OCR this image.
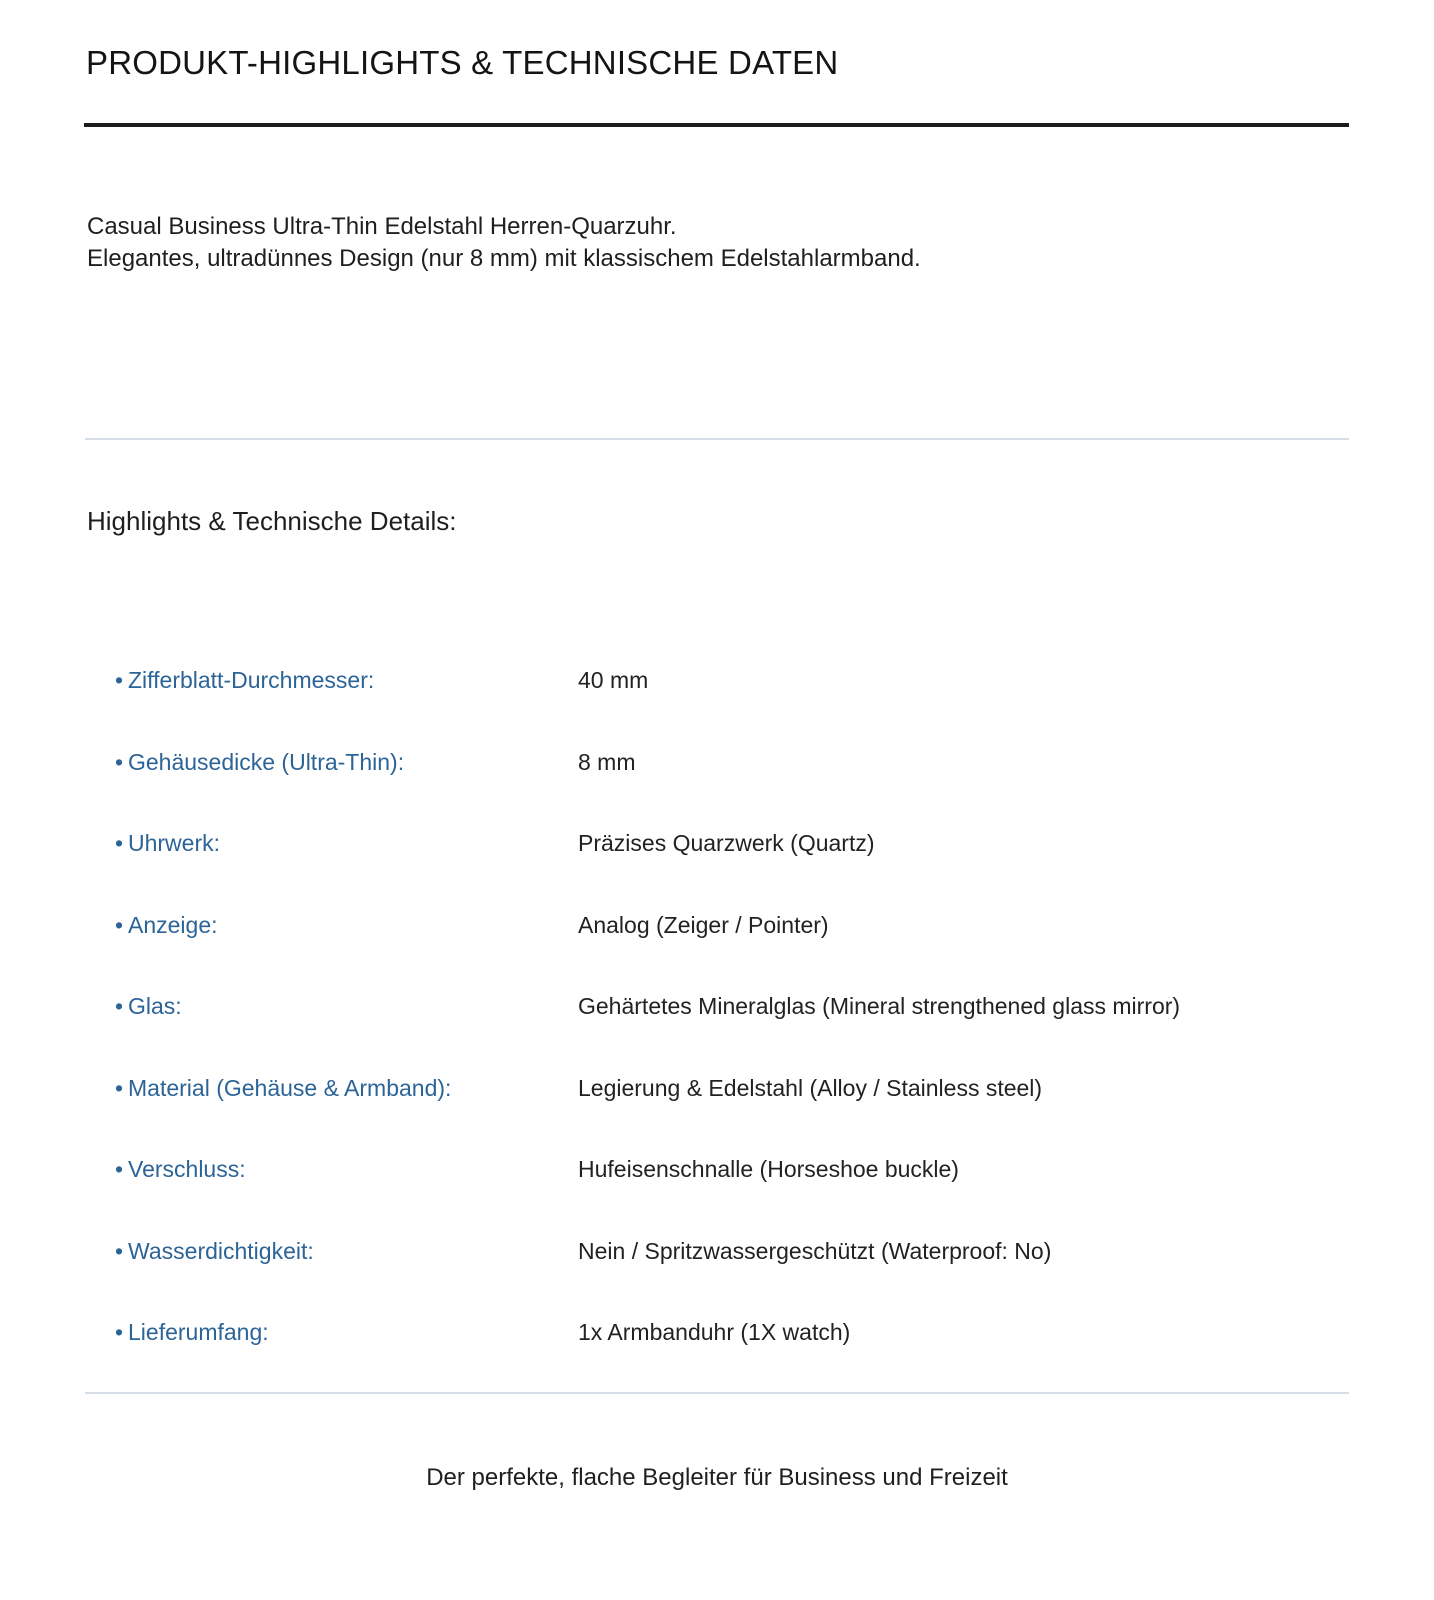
PRODUKT-HIGHLIGHTS & TECHNISCHE DATEN
Casual Business Ultra-Thin Edelstahl Herren-Quarzuhr.
Elegantes, ultradünnes Design (nur 8 mm) mit klassischem Edelstahlarmband.
Highlights & Technische Details:
• Zifferblatt-Durchmesser:	40 mm
• Gehäusedicke (Ultra-Thin):	8 mm
• Uhrwerk:	Präzises Quarzwerk (Quartz)
• Anzeige:	Analog (Zeiger / Pointer)
• Glas:	Gehärtetes Mineralglas (Mineral strengthened glass mirror)
• Material (Gehäuse & Armband):	Legierung & Edelstahl (Alloy / Stainless steel)
• Verschluss:	Hufeisenschnalle (Horseshoe buckle)
• Wasserdichtigkeit:	Nein / Spritzwassergeschützt (Waterproof: No)
• Lieferumfang:	1x Armbanduhr (1X watch)
Der perfekte, flache Begleiter für Business und Freizeit
